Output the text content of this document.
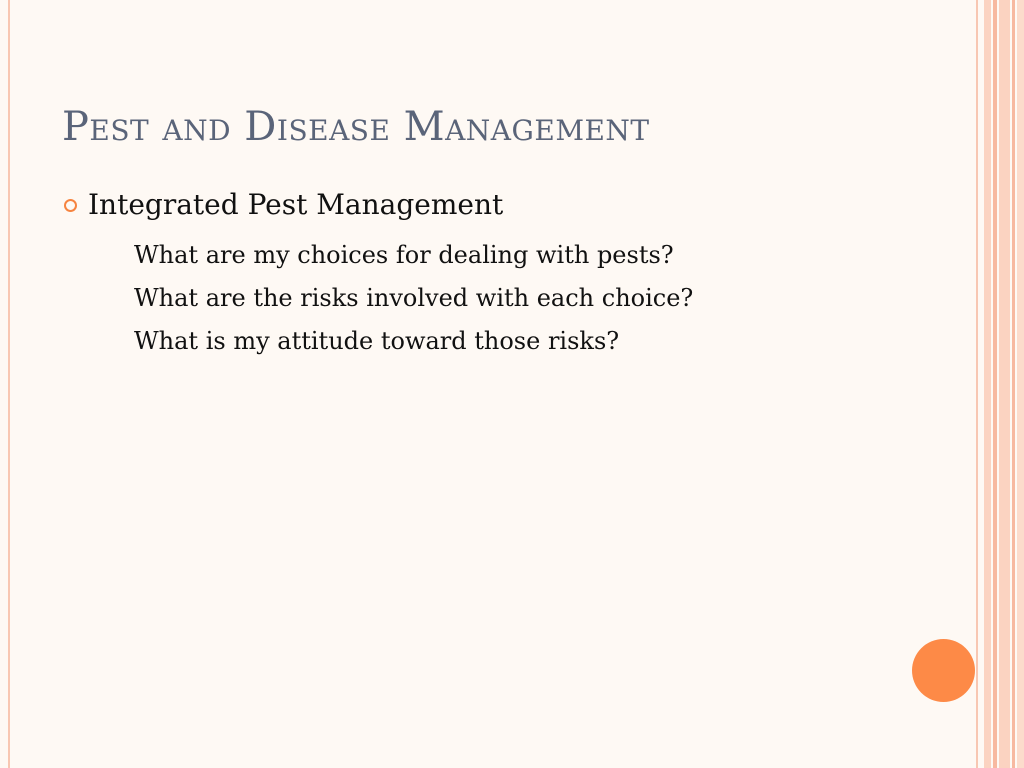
Pest and Disease Management
Integrated Pest Management
What are my choices for dealing with pests?
What are the risks involved with each choice?
What is my attitude toward those risks?
